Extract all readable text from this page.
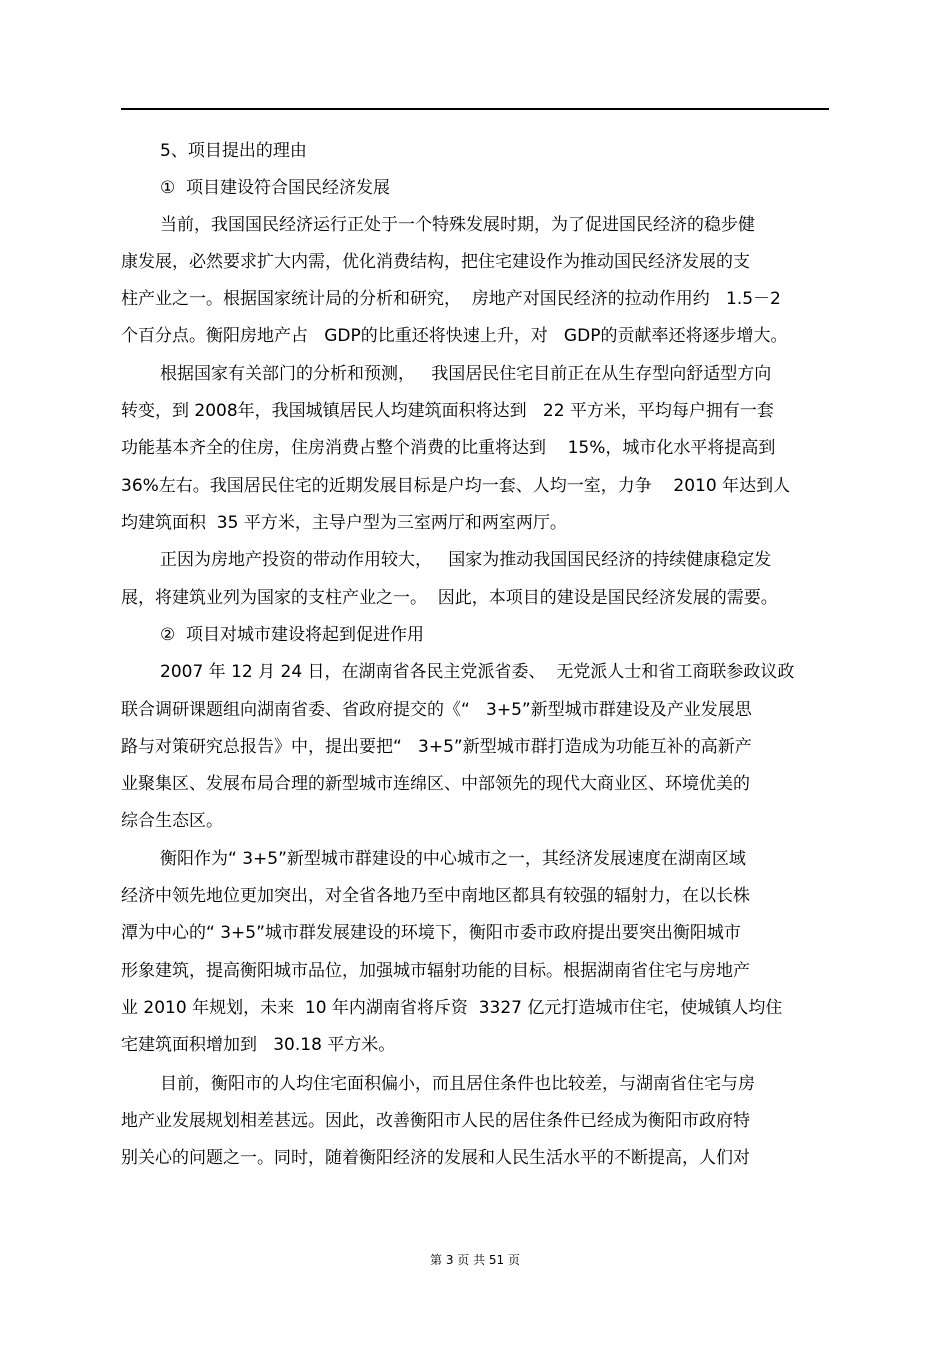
5、项目提出的理由
①  项目建设符合国民经济发展
当前，我国国民经济运行正处于一个特殊发展时期，为了促进国民经济的稳步健
康发展，必然要求扩大内需，优化消费结构，把住宅建设作为推动国民经济发展的支
柱产业之一。根据国家统计局的分析和研究，  房地产对国民经济的拉动作用约   1.5－2
个百分点。衡阳房地产占   GDP的比重还将快速上升，对   GDP的贡献率还将逐步增大。
根据国家有关部门的分析和预测，   我国居民住宅目前正在从生存型向舒适型方向
转变，到 2008年，我国城镇居民人均建筑面积将达到   22 平方米，平均每户拥有一套
功能基本齐全的住房，住房消费占整个消费的比重将达到    15%，城市化水平将提高到
36%左右。我国居民住宅的近期发展目标是户均一套、人均一室，力争    2010 年达到人
均建筑面积  35 平方米，主导户型为三室两厅和两室两厅。
正因为房地产投资的带动作用较大，   国家为推动我国国民经济的持续健康稳定发
展，将建筑业列为国家的支柱产业之一。  因此，本项目的建设是国民经济发展的需要。
②  项目对城市建设将起到促进作用
2007 年 12 月 24 日，在湖南省各民主党派省委、  无党派人士和省工商联参政议政
联合调研课题组向湖南省委、省政府提交的《“   3+5”新型城市群建设及产业发展思
路与对策研究总报告》中，提出要把“   3+5”新型城市群打造成为功能互补的高新产
业聚集区、发展布局合理的新型城市连绵区、中部领先的现代大商业区、环境优美的
综合生态区。
衡阳作为“ 3+5”新型城市群建设的中心城市之一，其经济发展速度在湖南区域
经济中领先地位更加突出，对全省各地乃至中南地区都具有较强的辐射力，在以长株
潭为中心的“ 3+5”城市群发展建设的环境下，衡阳市委市政府提出要突出衡阳城市
形象建筑，提高衡阳城市品位，加强城市辐射功能的目标。根据湖南省住宅与房地产
业 2010 年规划，未来  10 年内湖南省将斥资  3327 亿元打造城市住宅，使城镇人均住
宅建筑面积增加到   30.18 平方米。
目前，衡阳市的人均住宅面积偏小，而且居住条件也比较差，与湖南省住宅与房
地产业发展规划相差甚远。因此，改善衡阳市人民的居住条件已经成为衡阳市政府特
别关心的问题之一。同时，随着衡阳经济的发展和人民生活水平的不断提高，人们对
第 3 页 共 51 页
